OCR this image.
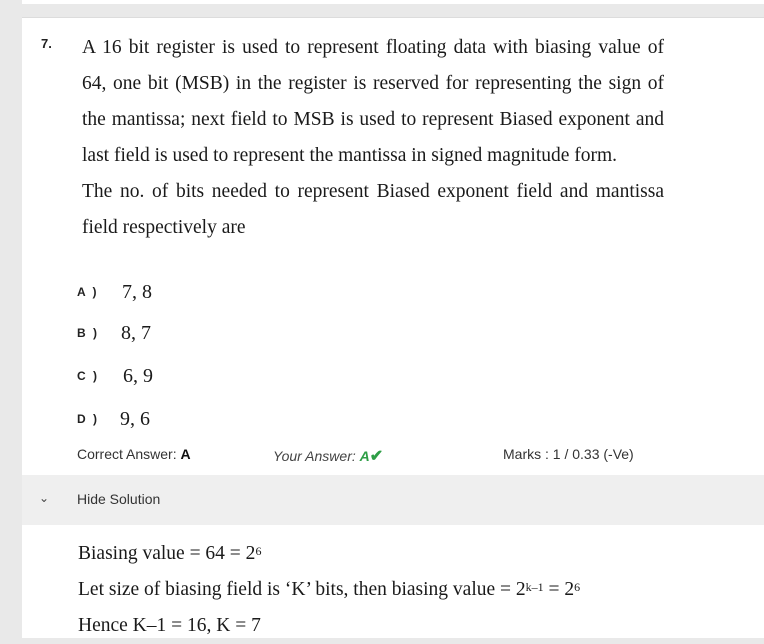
7. A 16 bit register is used to represent floating data with biasing value of 64, one bit (MSB) in the register is reserved for representing the sign of the mantissa; next field to MSB is used to represent Biased exponent and last field is used to represent the mantissa in signed magnitude form.

The no. of bits needed to represent Biased exponent field and mantissa field respectively are

A )	7, 8
B )	8, 7
C )	6, 9
D )	9, 6
Correct Answer: A	Your Answer: A✔	Marks : 1 / 0.33 (-Ve)
⌄ Hide Solution

Biasing value = $64 = 2^6$

Let size of biasing field is ‘K’ bits, then biasing value = $2^{k-1} = 2^6$

Hence K–1 = 16, K = 7
